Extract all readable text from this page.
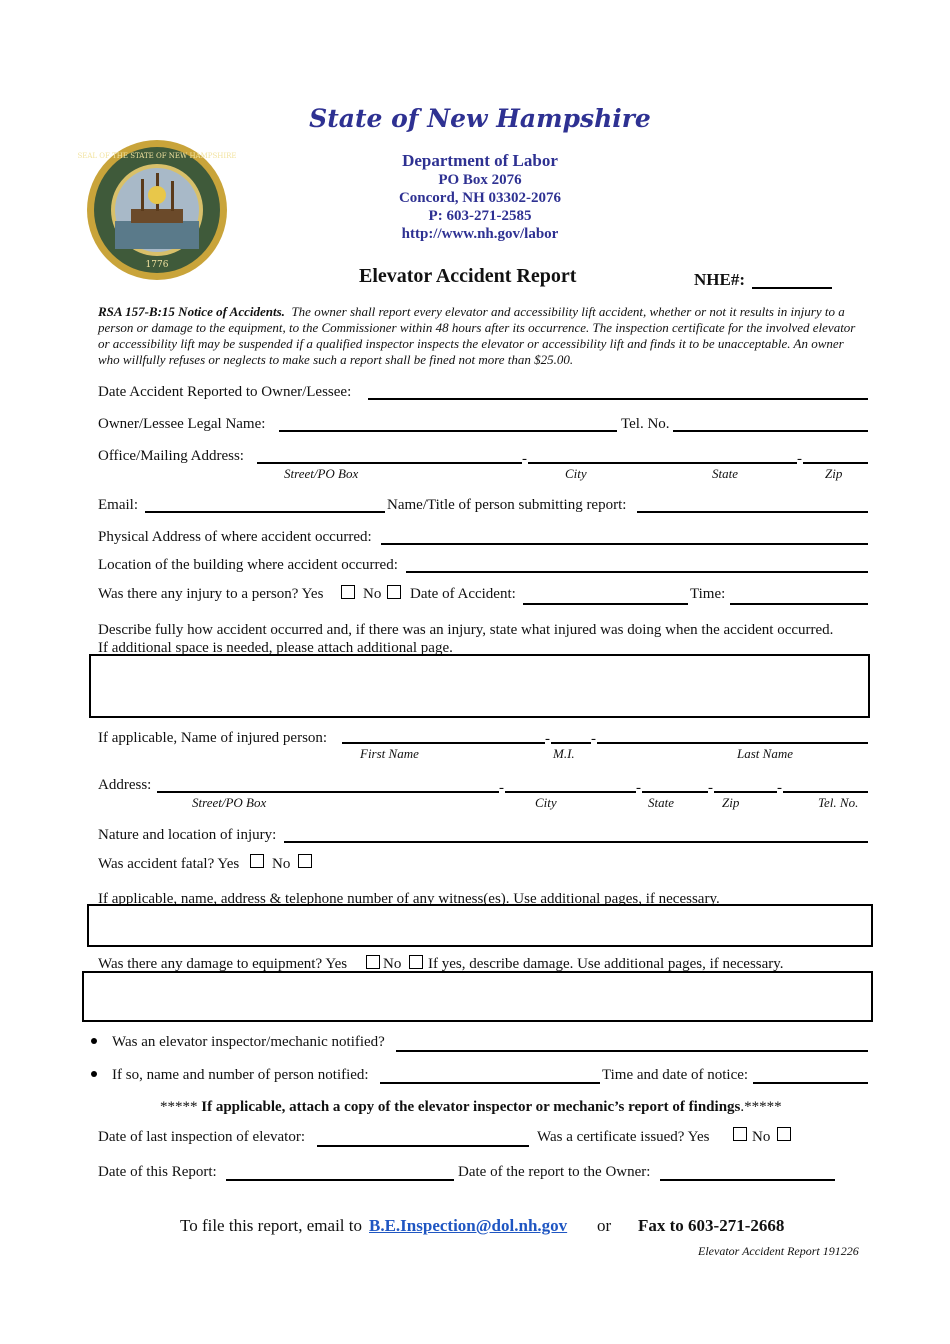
1776
SEAL OF THE STATE OF NEW HAMPSHIRE
State of New Hampshire
Department of Labor
PO Box 2076
Concord, NH 03302-2076
P: 603-271-2585
http://www.nh.gov/labor
Elevator Accident Report	NHE#:
RSA 157-B:15 Notice of Accidents. The owner shall report every elevator and accessibility lift accident, whether or not it results in injury to a person or damage to the equipment, to the Commissioner within 48 hours after its occurrence. The inspection certificate for the involved elevator or accessibility lift may be suspended if a qualified inspector inspects the elevator or accessibility lift and finds it to be unacceptable. An owner who willfully refuses or neglects to make such a report shall be fined not more than $25.00.
Date Accident Reported to Owner/Lessee:
Owner/Lessee Legal Name:	Tel. No.
Office/Mailing Address:	-	-
Street/PO Box	City	State	Zip
Email:	Name/Title of person submitting report:
Physical Address of where accident occurred:
Location of the building where accident occurred:
Was there any injury to a person? Yes	No Date of Accident:	Time:
Describe fully how accident occurred and, if there was an injury, state what injured was doing when the accident occurred.
If additional space is needed, please attach additional page.
If applicable, Name of injured person:	-	-
First Name	M.I.	Last Name
Address:	-	-	-	-
Street/PO Box	City	State	Zip	Tel. No.
Nature and location of injury:
Was accident fatal? Yes No
If applicable, name, address & telephone number of any witness(es). Use additional pages, if necessary.
Was there any damage to equipment? Yes No If yes, describe damage. Use additional pages, if necessary.
Was an elevator inspector/mechanic notified?
If so, name and number of person notified:	Time and date of notice:
***** If applicable, attach a copy of the elevator inspector or mechanic’s report of findings.*****
Date of last inspection of elevator:	Was a certificate issued? Yes	No
Date of this Report:	Date of the report to the Owner:
To file this report, email to B.E.Inspection@dol.nh.gov or Fax to 603-271-2668
Elevator Accident Report 191226
